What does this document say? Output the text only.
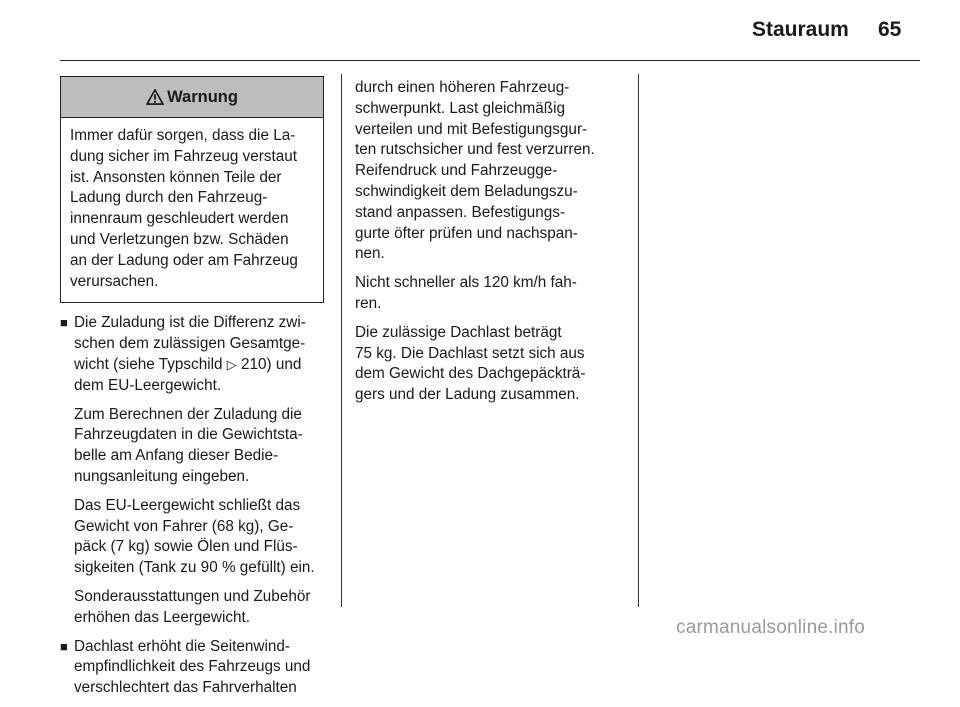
Stauraum 65
Warnung
Immer dafür sorgen, dass die La-
dung sicher im Fahrzeug verstaut
ist. Ansonsten können Teile der
Ladung durch den Fahrzeug-
innenraum geschleudert werden
und Verletzungen bzw. Schäden
an der Ladung oder am Fahrzeug
verursachen.
■ Die Zuladung ist die Differenz zwi-
schen dem zulässigen Gesamtge-
wicht (siehe Typschild ▷ 210) und
dem EU-Leergewicht.
Zum Berechnen der Zuladung die
Fahrzeugdaten in die Gewichtsta-
belle am Anfang dieser Bedie-
nungsanleitung eingeben.
Das EU-Leergewicht schließt das
Gewicht von Fahrer (68 kg), Ge-
päck (7 kg) sowie Ölen und Flüs-
sigkeiten (Tank zu 90 % gefüllt) ein.
Sonderausstattungen und Zubehör
erhöhen das Leergewicht.
■ Dachlast erhöht die Seitenwind-
empfindlichkeit des Fahrzeugs und
verschlechtert das Fahrverhalten

durch einen höheren Fahrzeug-
schwerpunkt. Last gleichmäßig
verteilen und mit Befestigungsgur-
ten rutschsicher und fest verzurren.
Reifendruck und Fahrzeugge-
schwindigkeit dem Beladungszu-
stand anpassen. Befestigungs-
gurte öfter prüfen und nachspan-
nen.

Nicht schneller als 120 km/h fah-
ren.

Die zulässige Dachlast beträgt
75 kg. Die Dachlast setzt sich aus
dem Gewicht des Dachgepäckträ-
gers und der Ladung zusammen.

carmanualsonline.info
